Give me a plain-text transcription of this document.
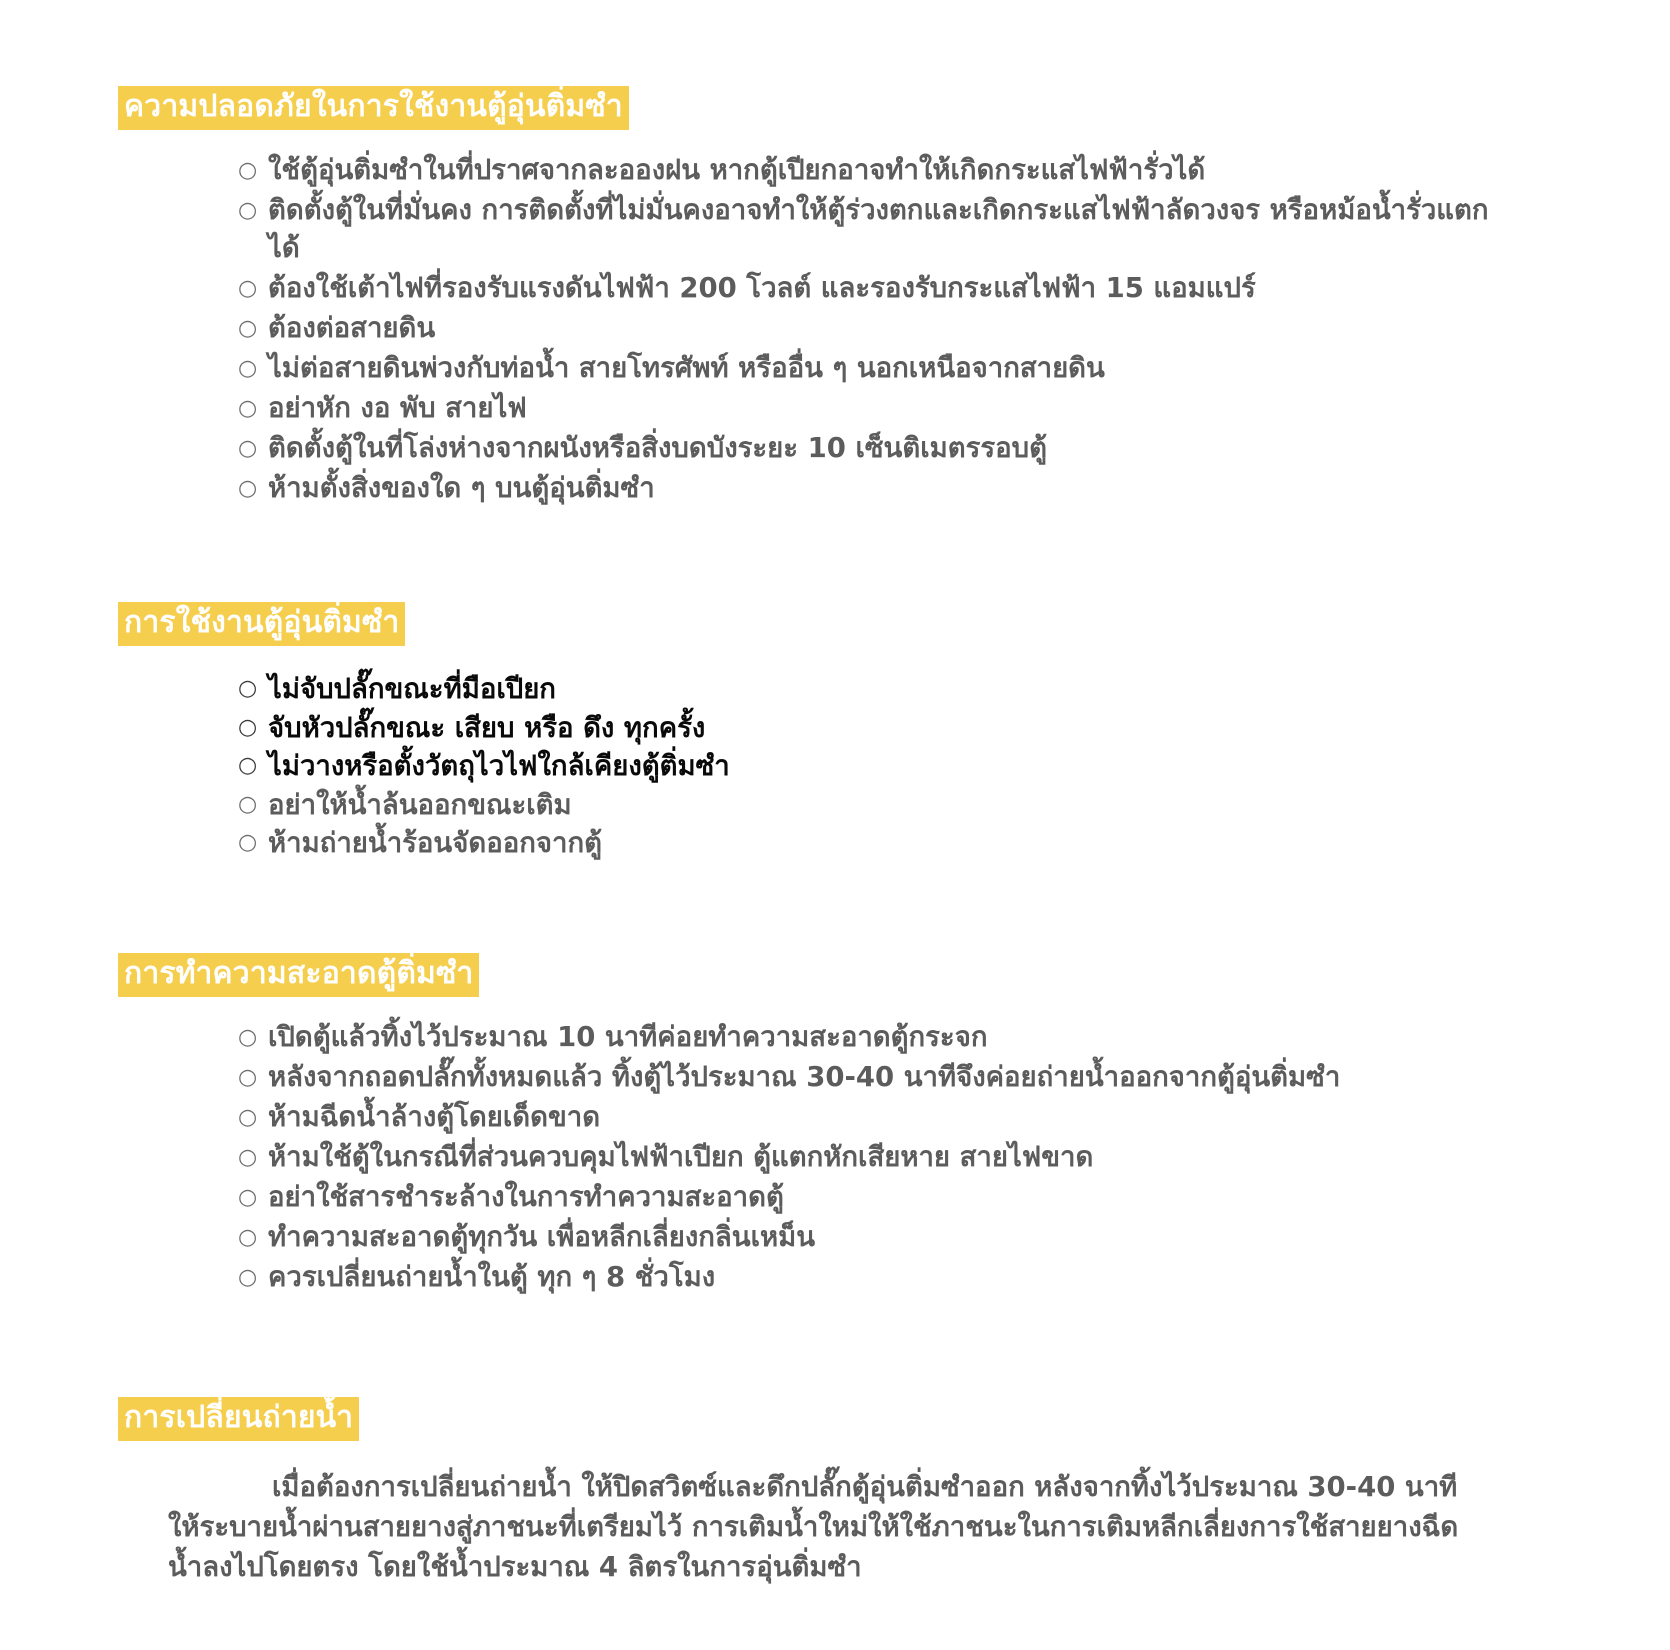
ความปลอดภัยในการใช้งานตู้อุ่นติ่มซำ
○ ใช้ตู้อุ่นติ่มซำในที่ปราศจากละอองฝน หากตู้เปียกอาจทำให้เกิดกระแสไฟฟ้ารั่วได้
○ ติดตั้งตู้ในที่มั่นคง การติดตั้งที่ไม่มั่นคงอาจทำให้ตู้ร่วงตกและเกิดกระแสไฟฟ้าลัดวงจร หรือหม้อน้ำรั่วแตกได้
○ ต้องใช้เต้าไฟที่รองรับแรงดันไฟฟ้า 200 โวลต์ และรองรับกระแสไฟฟ้า 15 แอมแปร์
○ ต้องต่อสายดิน
○ ไม่ต่อสายดินพ่วงกับท่อน้ำ สายโทรศัพท์ หรืออื่น ๆ นอกเหนือจากสายดิน
○ อย่าหัก งอ พับ สายไฟ
○ ติดตั้งตู้ในที่โล่งห่างจากผนังหรือสิ่งบดบังระยะ 10 เซ็นติเมตรรอบตู้
○ ห้ามตั้งสิ่งของใด ๆ บนตู้อุ่นติ่มซำ
การใช้งานตู้อุ่นติ่มซำ
○ ไม่จับปลั๊กขณะที่มือเปียก
○ จับหัวปลั๊กขณะ เสียบ หรือ ดึง ทุกครั้ง
○ ไม่วางหรือตั้งวัตถุไวไฟใกล้เคียงตู้ติ่มซำ
○ อย่าให้น้ำล้นออกขณะเติม
○ ห้ามถ่ายน้ำร้อนจัดออกจากตู้
การทำความสะอาดตู้ติ่มซำ
○ เปิดตู้แล้วทิ้งไว้ประมาณ 10 นาทีค่อยทำความสะอาดตู้กระจก
○ หลังจากถอดปลั๊กทั้งหมดแล้ว ทิ้งตู้ไว้ประมาณ 30-40 นาทีจึงค่อยถ่ายน้ำออกจากตู้อุ่นติ่มซำ
○ ห้ามฉีดน้ำล้างตู้โดยเด็ดขาด
○ ห้ามใช้ตู้ในกรณีที่ส่วนควบคุมไฟฟ้าเปียก ตู้แตกหักเสียหาย สายไฟขาด
○ อย่าใช้สารชำระล้างในการทำความสะอาดตู้
○ ทำความสะอาดตู้ทุกวัน เพื่อหลีกเลี่ยงกลิ่นเหม็น
○ ควรเปลี่ยนถ่ายน้ำในตู้ ทุก ๆ 8 ชั่วโมง
การเปลี่ยนถ่ายน้ำ

เมื่อต้องการเปลี่ยนถ่ายน้ำ ให้ปิดสวิตซ์และดึกปลั๊กตู้อุ่นติ่มซำออก หลังจากทิ้งไว้ประมาณ 30-40 นาที ให้ระบายน้ำผ่านสายยางสู่ภาชนะที่เตรียมไว้ การเติมน้ำใหม่ให้ใช้ภาชนะในการเติมหลีกเลี่ยงการใช้สายยางฉีดน้ำลงไปโดยตรง โดยใช้น้ำประมาณ 4 ลิตรในการอุ่นติ่มซำ
